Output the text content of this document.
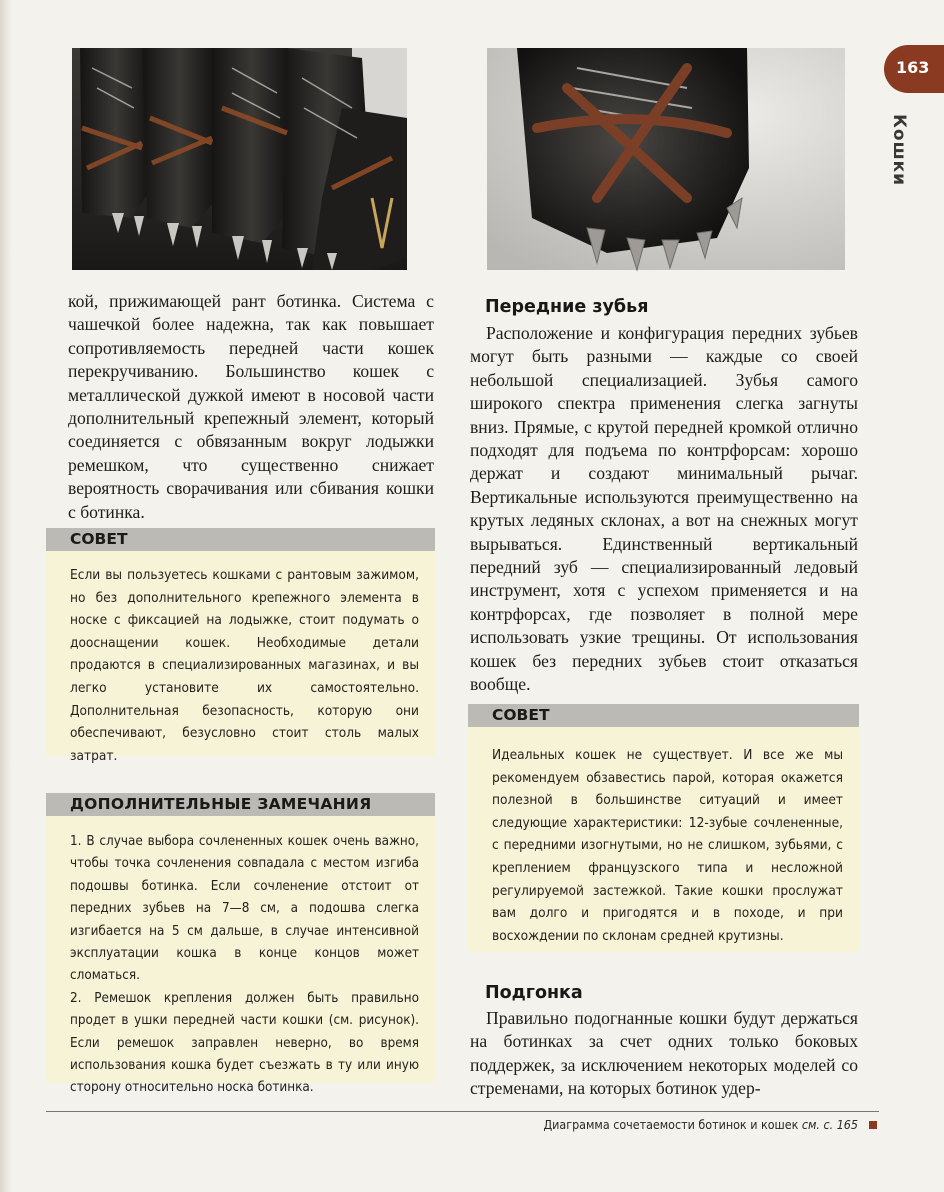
кой, прижимающей рант ботинка. Система с чашечкой более надежна, так как повышает сопротивляемость передней части кошек перекручиванию. Большинство кошек с металлической дужкой имеют в носовой части дополнительный крепежный элемент, который соединяется с обвязанным вокруг лодыжки ремешком, что существенно снижает вероятность сворачивания или сбивания кошки с ботинка.

СОВЕТ

Если вы пользуетесь кошками с рантовым зажимом, но без дополнительного крепежного элемента в носке с фиксацией на лодыжке, стоит подумать о дооснащении кошек. Необходимые детали продаются в специализированных магазинах, и вы легко установите их самостоятельно. Дополнительная безопасность, которую они обеспечивают, безусловно стоит столь малых затрат.

ДОПОЛНИТЕЛЬНЫЕ ЗАМЕЧАНИЯ

1. В случае выбора сочлененных кошек очень важно, чтобы точка сочленения совпадала с местом изгиба подошвы ботинка. Если сочленение отстоит от передних зубьев на 7—8 см, а подошва слегка изгибается на 5 см дальше, в случае интенсивной эксплуатации кошка в конце концов может сломаться.

2. Ремешок крепления должен быть правильно продет в ушки передней части кошки (см. рисунок). Если ремешок заправлен неверно, во время использования кошка будет съезжать в ту или иную сторону относительно носка ботинка.

Передние зубья

Расположение и конфигурация передних зубьев могут быть разными — каждые со своей небольшой специализацией. Зубья самого широкого спектра применения слегка загнуты вниз. Прямые, с крутой передней кромкой отлично подходят для подъема по контрфорсам: хорошо держат и создают минимальный рычаг. Вертикальные используются преимущественно на крутых ледяных склонах, а вот на снежных могут вырываться. Единственный вертикальный передний зуб — специализированный ледовый инструмент, хотя с успехом применяется и на контрфорсах, где позволяет в полной мере использовать узкие трещины. От использования кошек без передних зубьев стоит отказаться вообще.

СОВЕТ

Идеальных кошек не существует. И все же мы рекомендуем обзавестись парой, которая окажется полезной в большинстве ситуаций и имеет следующие характеристики: 12-зубые сочлененные, с передними изогнутыми, но не слишком, зубьями, с креплением французского типа и несложной регулируемой застежкой. Такие кошки прослужат вам долго и пригодятся и в походе, и при восхождении по склонам средней крутизны.

Подгонка

Правильно подогнанные кошки будут держаться на ботинках за счет одних только боковых поддержек, за исключением некоторых моделей со стременами, на которых ботинок удер-

163
Кошки
Диаграмма сочетаемости ботинок и кошек см. с. 165
